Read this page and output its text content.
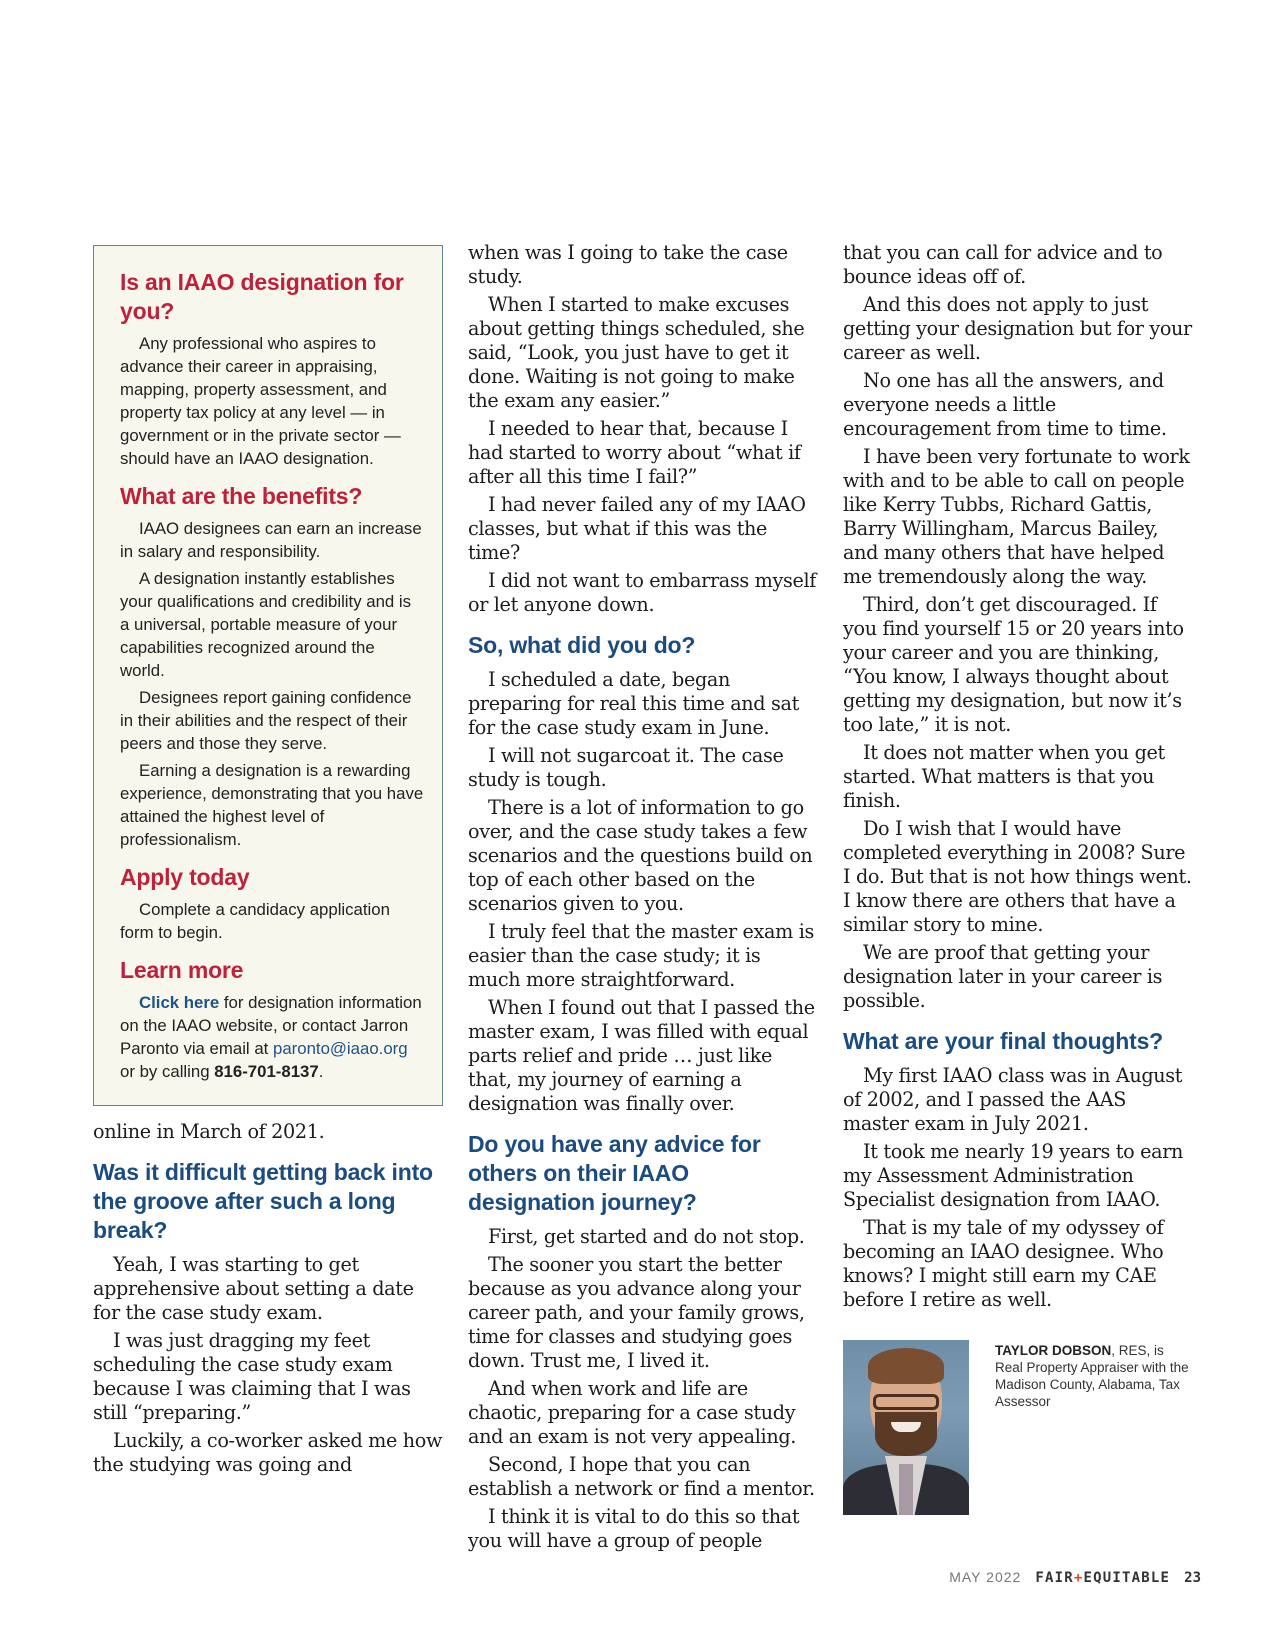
Is an IAAO designation for you?

Any professional who aspires to advance their career in appraising, mapping, property assessment, and property tax policy at any level — in government or in the private sector — should have an IAAO designation.

What are the benefits?

IAAO designees can earn an increase in salary and responsibility.

A designation instantly establishes your qualifications and credibility and is a universal, portable measure of your capabilities recognized around the world.

Designees report gaining confidence in their abilities and the respect of their peers and those they serve.

Earning a designation is a rewarding experience, demonstrating that you have attained the highest level of professionalism.

Apply today

Complete a candidacy application form to begin.

Learn more

Click here for designation information on the IAAO website, or contact Jarron Paronto via email at paronto@iaao.org or by calling 816-701-8137.

online in March of 2021.

Was it difficult getting back into the groove after such a long break?

Yeah, I was starting to get apprehensive about setting a date for the case study exam.

I was just dragging my feet scheduling the case study exam because I was claiming that I was still “preparing.”

Luckily, a co-worker asked me how the studying was going and

when was I going to take the case study.

When I started to make excuses about getting things scheduled, she said, “Look, you just have to get it done. Waiting is not going to make the exam any easier.”

I needed to hear that, because I had started to worry about “what if after all this time I fail?”

I had never failed any of my IAAO classes, but what if this was the time?

I did not want to embarrass myself or let anyone down.

So, what did you do?

I scheduled a date, began preparing for real this time and sat for the case study exam in June.

I will not sugarcoat it. The case study is tough.

There is a lot of information to go over, and the case study takes a few scenarios and the questions build on top of each other based on the scenarios given to you.

I truly feel that the master exam is easier than the case study; it is much more straightforward.

When I found out that I passed the master exam, I was filled with equal parts relief and pride … just like that, my journey of earning a designation was finally over.

Do you have any advice for others on their IAAO designation journey?

First, get started and do not stop.

The sooner you start the better because as you advance along your career path, and your family grows, time for classes and studying goes down. Trust me, I lived it.

And when work and life are chaotic, preparing for a case study and an exam is not very appealing.

Second, I hope that you can establish a network or find a mentor.

I think it is vital to do this so that you will have a group of people

that you can call for advice and to bounce ideas off of.

And this does not apply to just getting your designation but for your career as well.

No one has all the answers, and everyone needs a little encouragement from time to time.

I have been very fortunate to work with and to be able to call on people like Kerry Tubbs, Richard Gattis, Barry Willingham, Marcus Bailey, and many others that have helped me tremendously along the way.

Third, don’t get discouraged. If you find yourself 15 or 20 years into your career and you are thinking, “You know, I always thought about getting my designation, but now it’s too late,” it is not.

It does not matter when you get started. What matters is that you finish.

Do I wish that I would have completed everything in 2008? Sure I do. But that is not how things went. I know there are others that have a similar story to mine.

We are proof that getting your designation later in your career is possible.

What are your final thoughts?

My first IAAO class was in August of 2002, and I passed the AAS master exam in July 2021.

It took me nearly 19 years to earn my Assessment Administration Specialist designation from IAAO.

That is my tale of my odyssey of becoming an IAAO designee. Who knows? I might still earn my CAE before I retire as well.

TAYLOR DOBSON, RES, is Real Property Appraiser with the Madison County, Alabama, Tax Assessor
MAY 2022 FAIR+EQUITABLE 23
